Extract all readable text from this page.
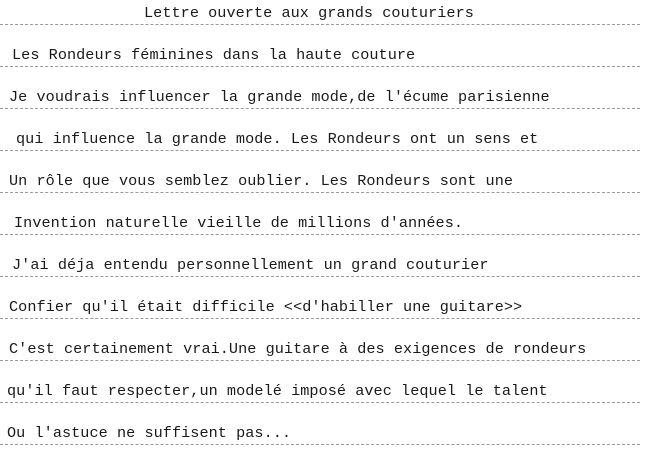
Lettre ouverte aux grands couturiers
Les Rondeurs féminines dans la haute couture
Je voudrais influencer la grande mode,de l'écume parisienne
qui influence la grande mode. Les Rondeurs ont un sens et
Un rôle que vous semblez oublier. Les Rondeurs sont une
Invention naturelle vieille de millions d'années.
J'ai déja entendu personnellement un grand couturier
Confier qu'il était difficile <<d'habiller une guitare>>
C'est certainement vrai.Une guitare à des exigences de rondeurs
qu'il faut respecter,un modelé imposé avec lequel le talent
Ou l'astuce ne suffisent pas...
